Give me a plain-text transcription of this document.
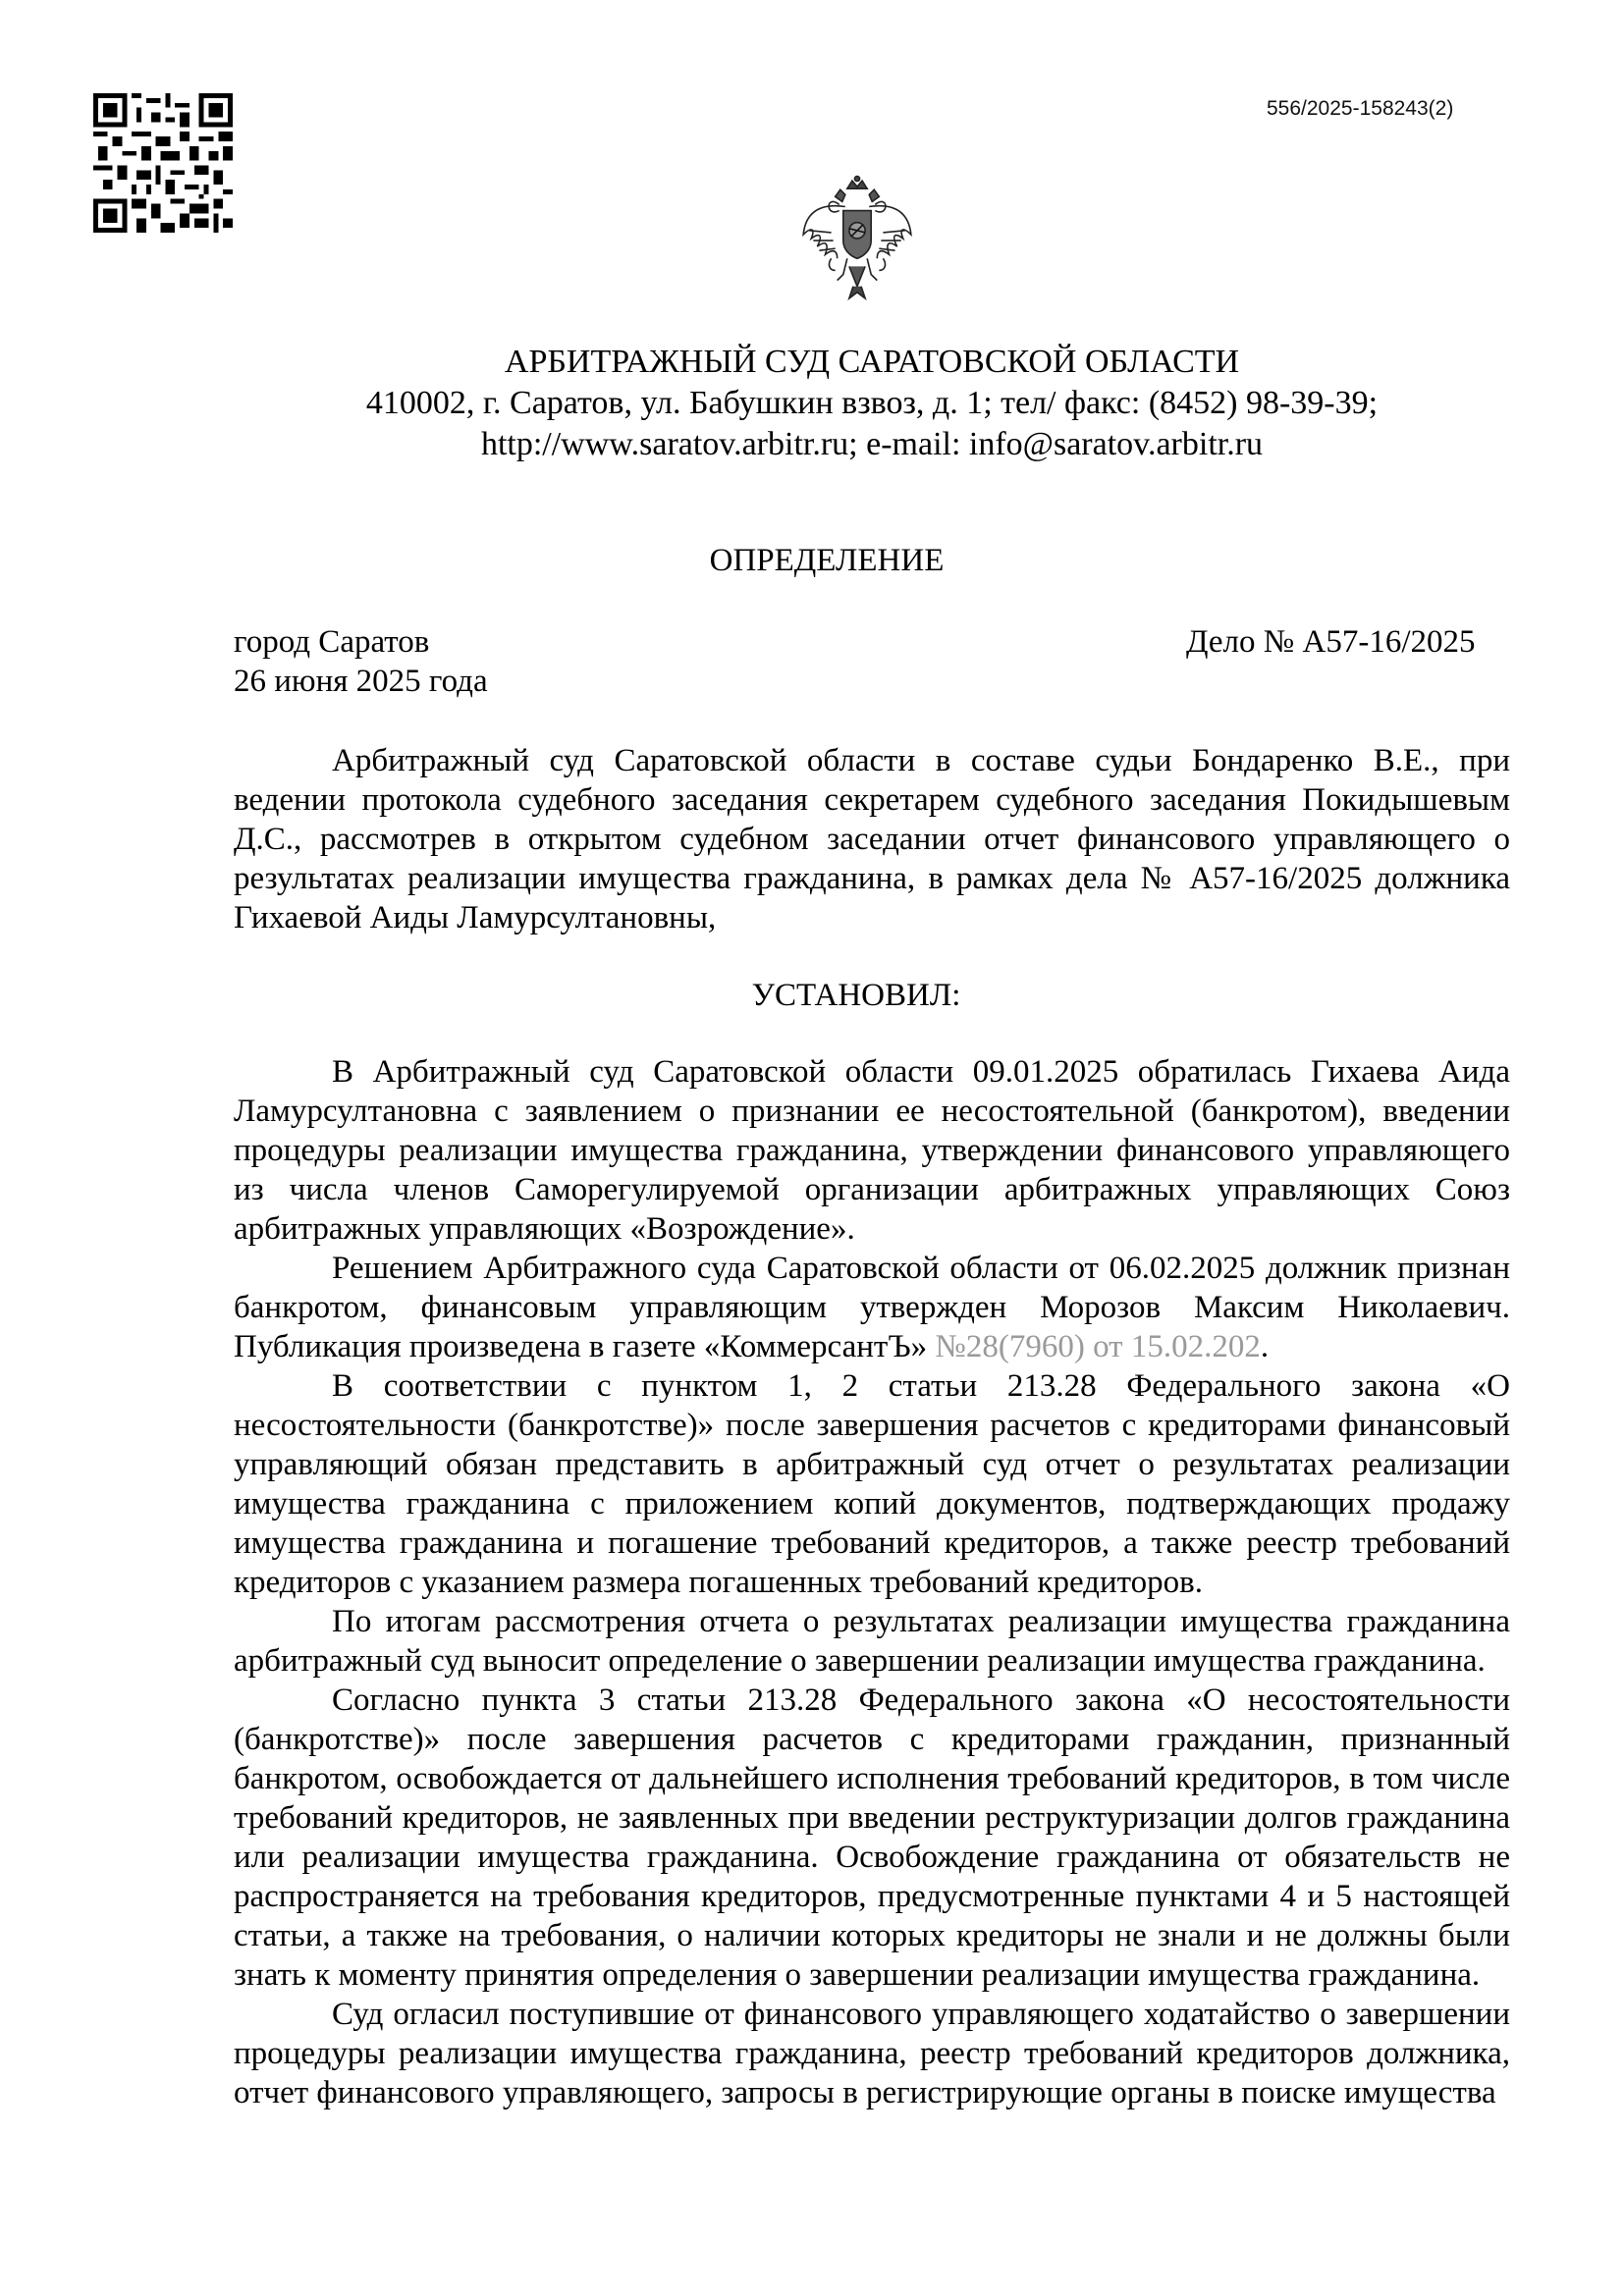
556/2025-158243(2)
АРБИТРАЖНЫЙ СУД САРАТОВСКОЙ ОБЛАСТИ
410002, г. Саратов, ул. Бабушкин взвоз, д. 1; тел/ факс: (8452) 98-39-39;
http://www.saratov.arbitr.ru; e-mail: info@saratov.arbitr.ru
ОПРЕДЕЛЕНИЕ
город Саратов	Дело № А57-16/2025
26 июня 2025 года

Арбитражный суд Саратовской области в составе судьи Бондаренко В.Е., при ведении протокола судебного заседания секретарем судебного заседания Покидышевым Д.С., рассмотрев в открытом судебном заседании отчет финансового управляющего о результатах реализации имущества гражданина, в рамках дела № А57-16/2025 должника Гихаевой Аиды Ламурсултановны,

УСТАНОВИЛ:

В Арбитражный суд Саратовской области 09.01.2025 обратилась Гихаева Аида Ламурсултановна с заявлением о признании ее несостоятельной (банкротом), введении процедуры реализации имущества гражданина, утверждении финансового управляющего из числа членов Саморегулируемой организации арбитражных управляющих Союз арбитражных управляющих «Возрождение».

Решением Арбитражного суда Саратовской области от 06.02.2025 должник признан банкротом, финансовым управляющим утвержден Морозов Максим Николаевич. Публикация произведена в газете «КоммерсантЪ» №28(7960) от 15.02.202.

В соответствии с пунктом 1, 2 статьи 213.28 Федерального закона «О несостоятельности (банкротстве)» после завершения расчетов с кредиторами финансовый управляющий обязан представить в арбитражный суд отчет о результатах реализации имущества гражданина с приложением копий документов, подтверждающих продажу имущества гражданина и погашение требований кредиторов, а также реестр требований кредиторов с указанием размера погашенных требований кредиторов.

По итогам рассмотрения отчета о результатах реализации имущества гражданина арбитражный суд выносит определение о завершении реализации имущества гражданина.

Согласно пункта 3 статьи 213.28 Федерального закона «О несостоятельности (банкротстве)» после завершения расчетов с кредиторами гражданин, признанный банкротом, освобождается от дальнейшего исполнения требований кредиторов, в том числе требований кредиторов, не заявленных при введении реструктуризации долгов гражданина или реализации имущества гражданина. Освобождение гражданина от обязательств не распространяется на требования кредиторов, предусмотренные пунктами 4 и 5 настоящей статьи, а также на требования, о наличии которых кредиторы не знали и не должны были знать к моменту принятия определения о завершении реализации имущества гражданина.

Суд огласил поступившие от финансового управляющего ходатайство о завершении процедуры реализации имущества гражданина, реестр требований кредиторов должника, отчет финансового управляющего, запросы в регистрирующие органы в поиске имущества
